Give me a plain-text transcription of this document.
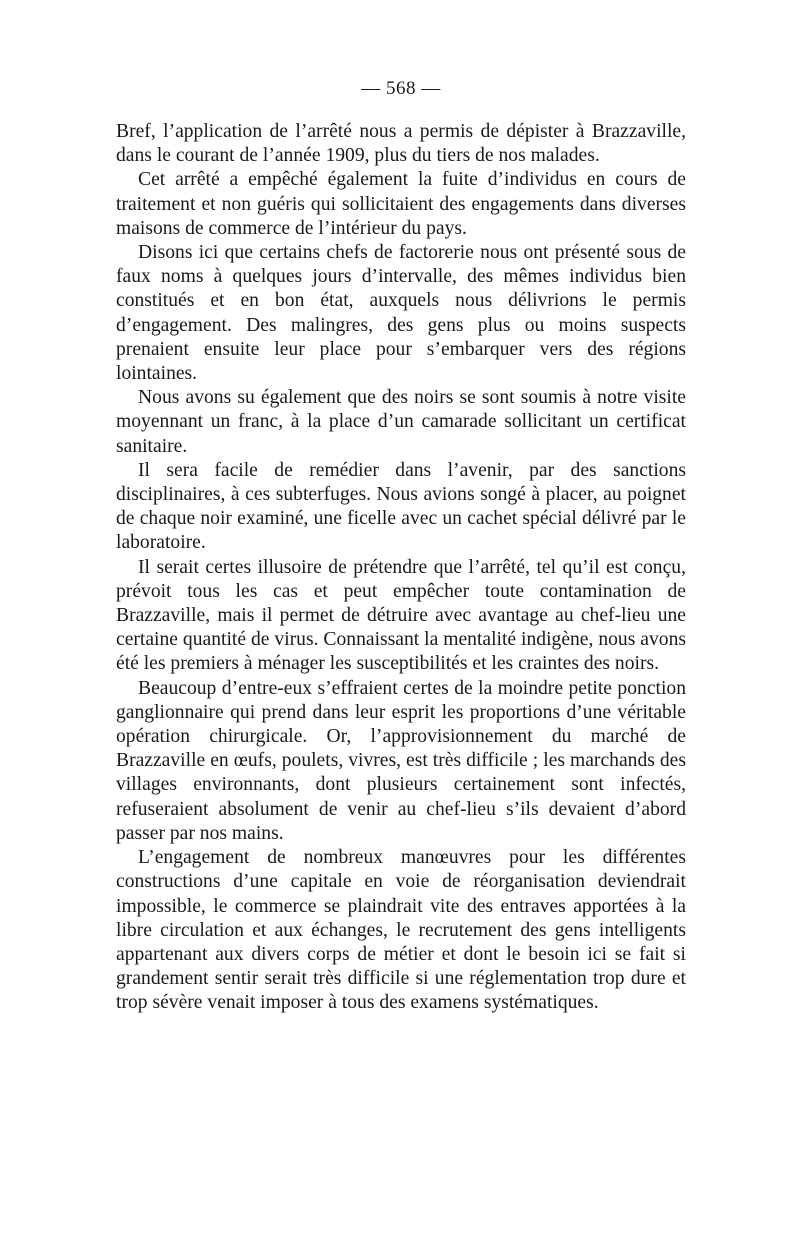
— 568 —

Bref, l’application de l’arrêté nous a permis de dépister à Brazzaville, dans le courant de l’année 1909, plus du tiers de nos malades.

Cet arrêté a empêché également la fuite d’individus en cours de traitement et non guéris qui sollicitaient des engagements dans diverses maisons de commerce de l’intérieur du pays.

Disons ici que certains chefs de factorerie nous ont présenté sous de faux noms à quelques jours d’intervalle, des mêmes individus bien constitués et en bon état, auxquels nous délivrions le permis d’engagement. Des malingres, des gens plus ou moins suspects prenaient ensuite leur place pour s’embarquer vers des régions lointaines.

Nous avons su également que des noirs se sont soumis à notre visite moyennant un franc, à la place d’un camarade sollicitant un certificat sanitaire.

Il sera facile de remédier dans l’avenir, par des sanctions disciplinaires, à ces subterfuges. Nous avions songé à placer, au poignet de chaque noir examiné, une ficelle avec un cachet spécial délivré par le laboratoire.

Il serait certes illusoire de prétendre que l’arrêté, tel qu’il est conçu, prévoit tous les cas et peut empêcher toute contamination de Brazzaville, mais il permet de détruire avec avantage au chef-lieu une certaine quantité de virus. Connaissant la mentalité indigène, nous avons été les premiers à ménager les susceptibilités et les craintes des noirs.

Beaucoup d’entre-eux s’effraient certes de la moindre petite ponction ganglionnaire qui prend dans leur esprit les proportions d’une véritable opération chirurgicale. Or, l’approvisionnement du marché de Brazzaville en œufs, poulets, vivres, est très difficile ; les marchands des villages environnants, dont plusieurs certainement sont infectés, refuseraient absolument de venir au chef-lieu s’ils devaient d’abord passer par nos mains.

L’engagement de nombreux manœuvres pour les différentes constructions d’une capitale en voie de réorganisation deviendrait impossible, le commerce se plaindrait vite des entraves apportées à la libre circulation et aux échanges, le recrutement des gens intelligents appartenant aux divers corps de métier et dont le besoin ici se fait si grandement sentir serait très difficile si une réglementation trop dure et trop sévère venait imposer à tous des examens systématiques.
